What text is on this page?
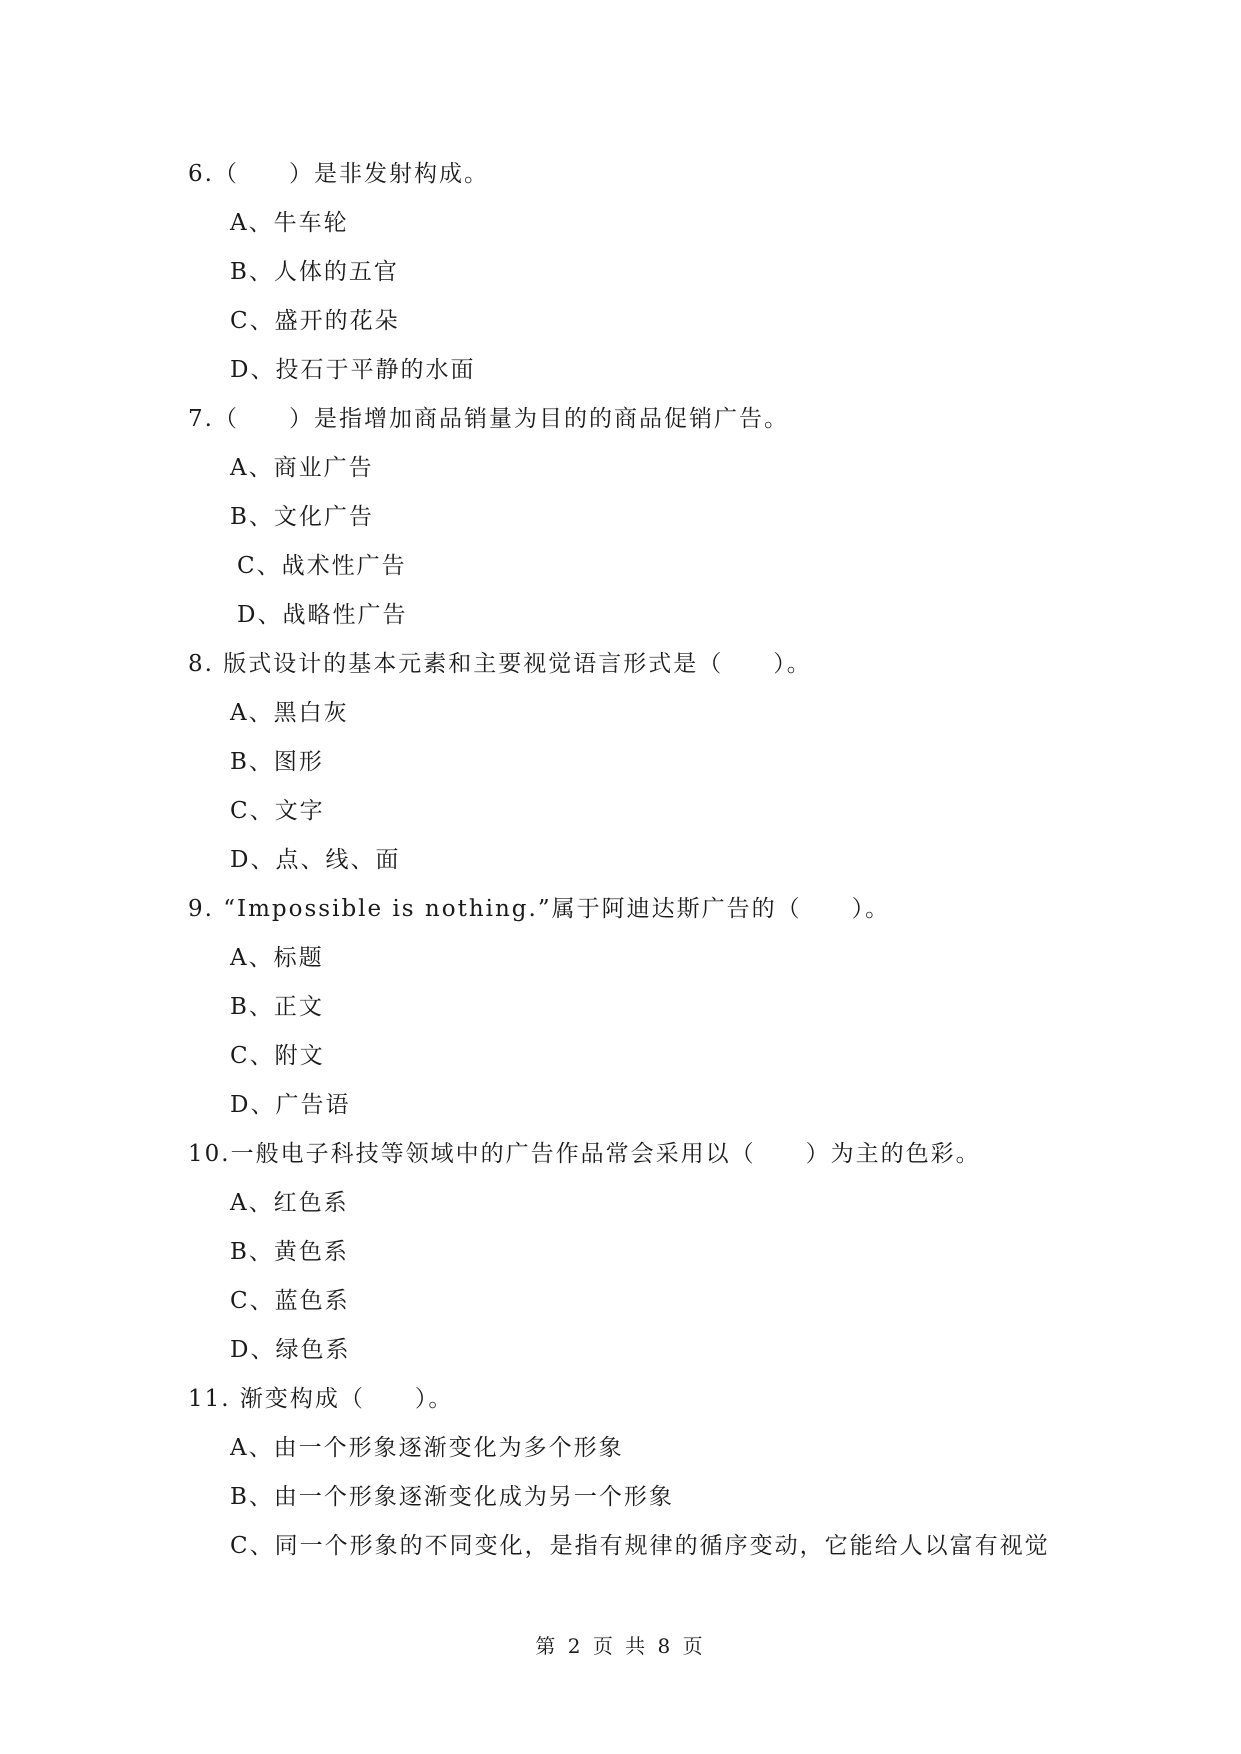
6.（　　）是非发射构成。
A、牛车轮
B、人体的五官
C、盛开的花朵
D、投石于平静的水面
7.（　　）是指增加商品销量为目的的商品促销广告。
A、商业广告
B、文化广告
C、战术性广告
D、战略性广告
8. 版式设计的基本元素和主要视觉语言形式是（　　）。
A、黑白灰
B、图形
C、文字
D、点、线、面
9. “Impossible is nothing.”属于阿迪达斯广告的（　　）。
A、标题
B、正文
C、附文
D、广告语
10.一般电子科技等领域中的广告作品常会采用以（　　）为主的色彩。
A、红色系
B、黄色系
C、蓝色系
D、绿色系
11. 渐变构成（　　）。
A、由一个形象逐渐变化为多个形象
B、由一个形象逐渐变化成为另一个形象
C、同一个形象的不同变化，是指有规律的循序变动，它能给人以富有视觉
第 2 页 共 8 页
